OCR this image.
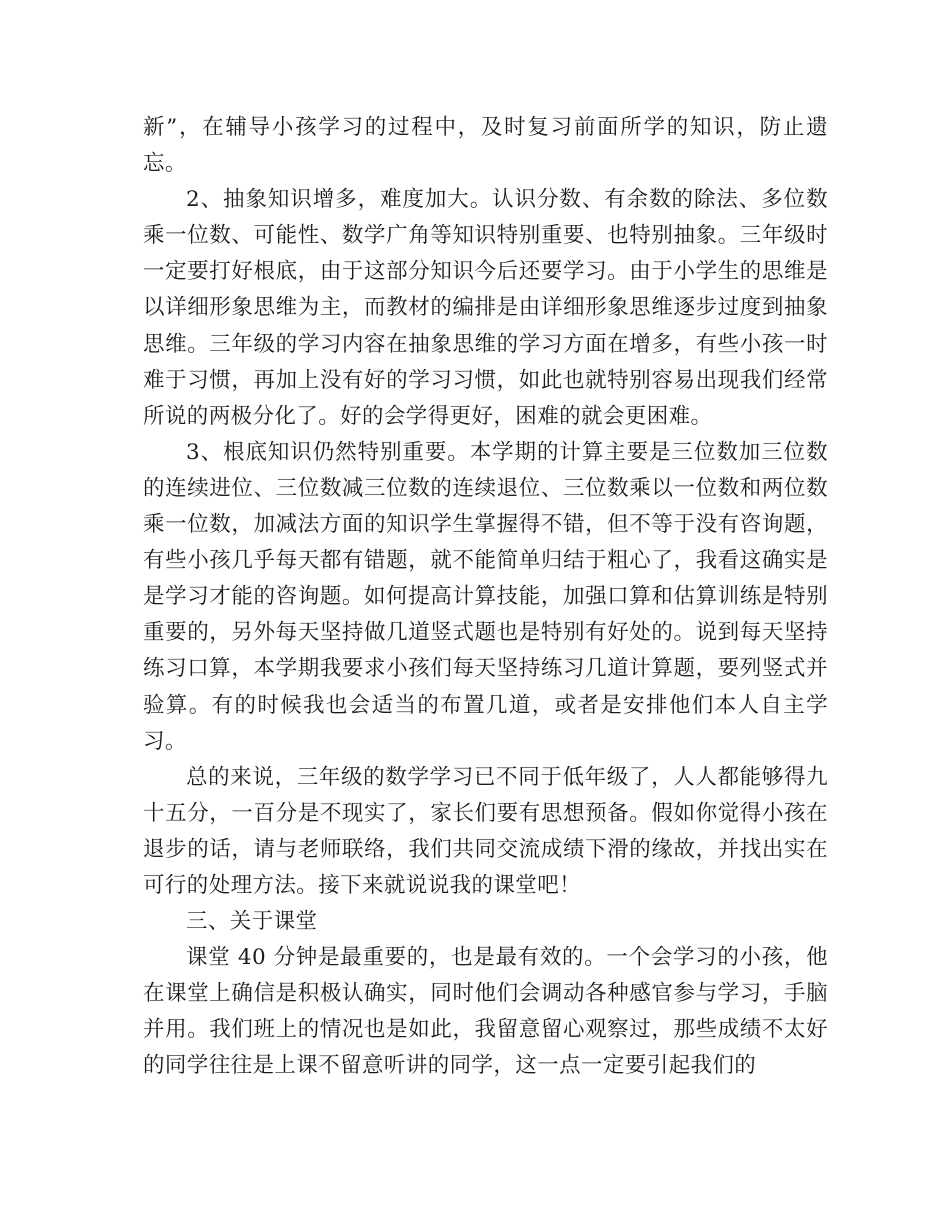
新”，在辅导小孩学习的过程中，及时复习前面所学的知识，防止遗忘。

2、抽象知识增多，难度加大。认识分数、有余数的除法、多位数乘一位数、可能性、数学广角等知识特别重要、也特别抽象。三年级时一定要打好根底，由于这部分知识今后还要学习。由于小学生的思维是以详细形象思维为主，而教材的编排是由详细形象思维逐步过度到抽象思维。三年级的学习内容在抽象思维的学习方面在增多，有些小孩一时难于习惯，再加上没有好的学习习惯，如此也就特别容易出现我们经常所说的两极分化了。好的会学得更好，困难的就会更困难。

3、根底知识仍然特别重要。本学期的计算主要是三位数加三位数的连续进位、三位数减三位数的连续退位、三位数乘以一位数和两位数乘一位数，加减法方面的知识学生掌握得不错，但不等于没有咨询题，有些小孩几乎每天都有错题，就不能简单归结于粗心了，我看这确实是是学习才能的咨询题。如何提高计算技能，加强口算和估算训练是特别重要的，另外每天坚持做几道竖式题也是特别有好处的。说到每天坚持练习口算，本学期我要求小孩们每天坚持练习几道计算题，要列竖式并验算。有的时候我也会适当的布置几道，或者是安排他们本人自主学习。

总的来说，三年级的数学学习已不同于低年级了，人人都能够得九十五分，一百分是不现实了，家长们要有思想预备。假如你觉得小孩在退步的话，请与老师联络，我们共同交流成绩下滑的缘故，并找出实在可行的处理方法。接下来就说说我的课堂吧！

三、关于课堂

课堂 40 分钟是最重要的，也是最有效的。一个会学习的小孩，他在课堂上确信是积极认确实，同时他们会调动各种感官参与学习，手脑并用。我们班上的情况也是如此，我留意留心观察过，那些成绩不太好的同学往往是上课不留意听讲的同学，这一点一定要引起我们的
